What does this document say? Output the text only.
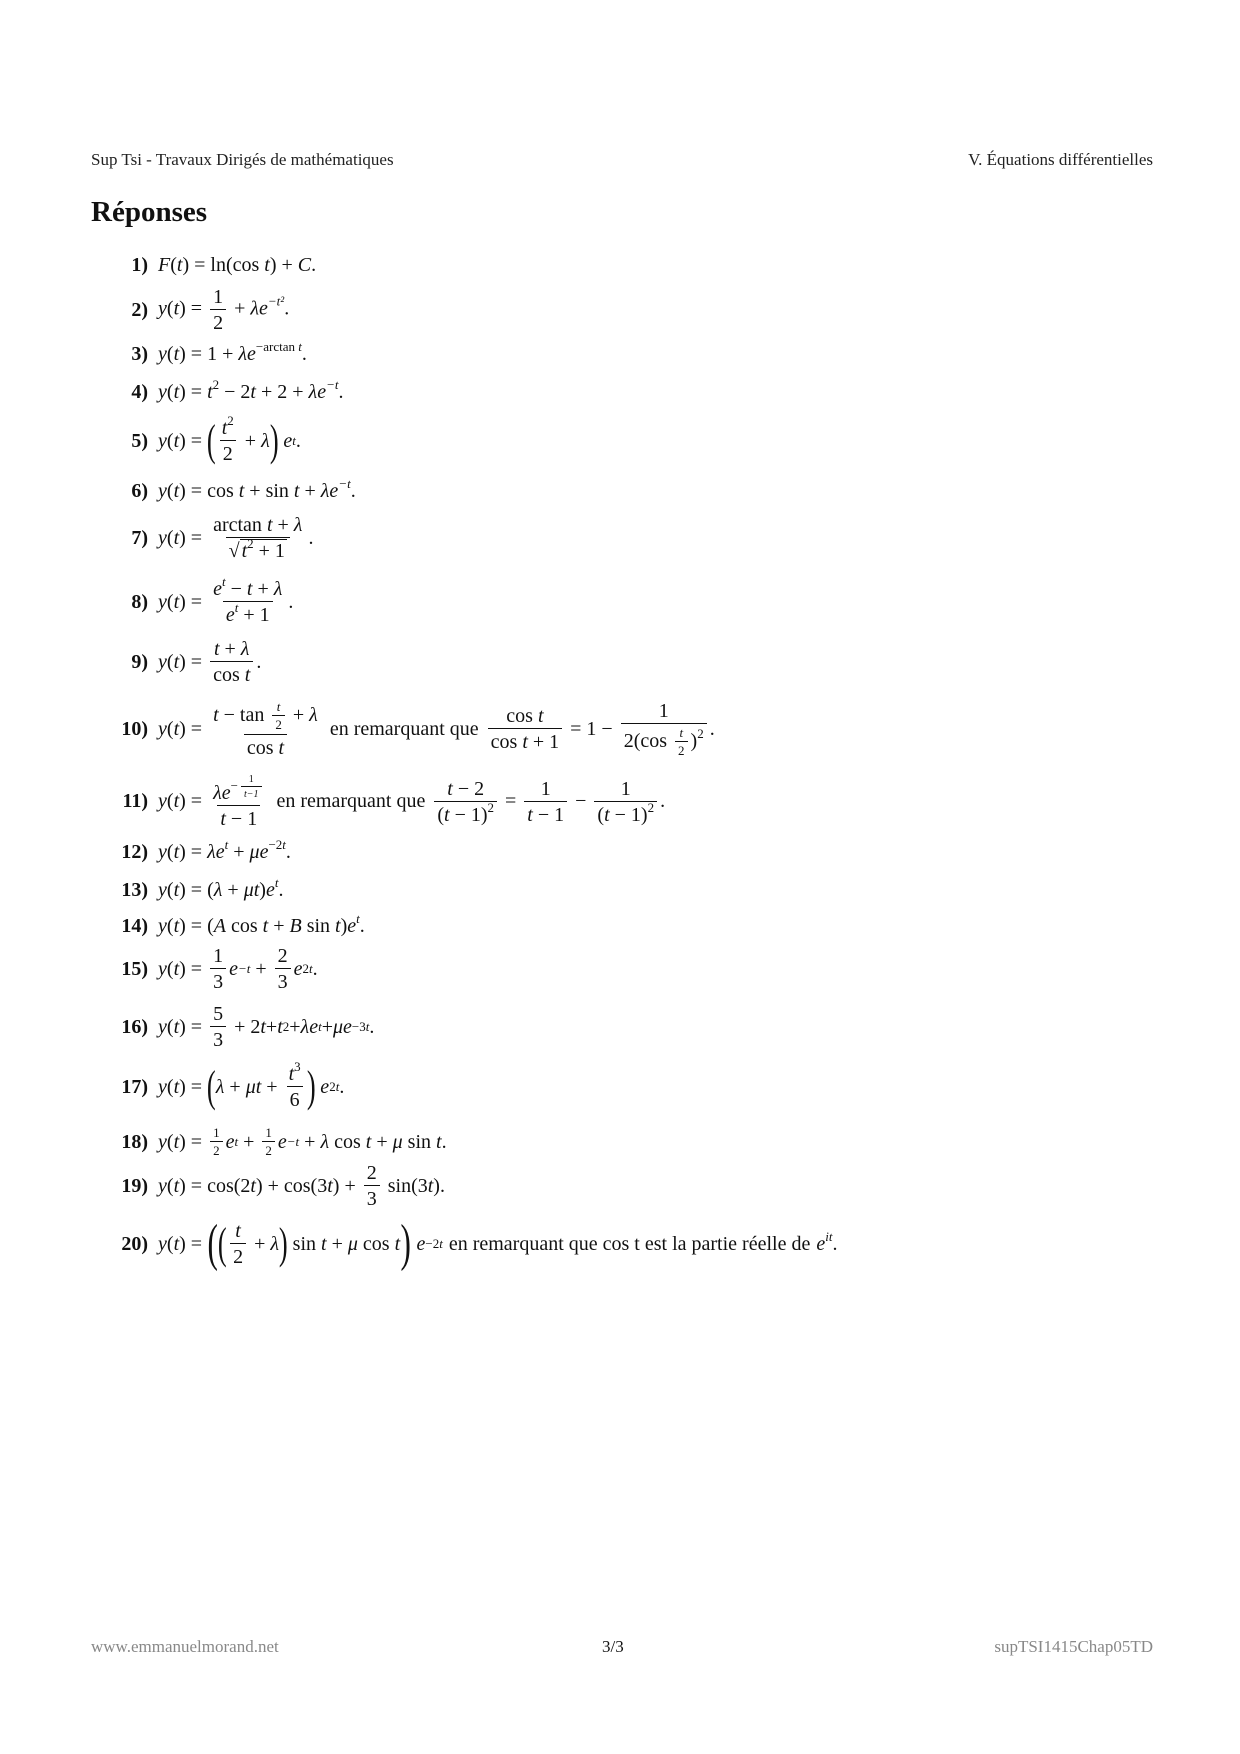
Sup Tsi - Travaux Dirigés de mathématiques	V. Équations différentielles
Réponses
1) F(t) = ln(cos t) + C.
2) $y(t) = \frac{1}{2} + \lambda e^{-t^2}$.
3) $y(t) = 1 + \lambda e^{-arctan t}$.
4) $y(t) = t^2 - 2t + 2 + \lambda e^{-t}$.
5) y ( t ) = ( $\frac{t^2}{2} + \lambda$ )
e t .
6) $y(t) = \cos t + \sin t + \lambda e^{-t}$.
7) y ( t ) = $\frac{\text{arctan t + λ}}{√ t^2 + 1}$ .
8) y ( t ) = $\frac{e^t - t + \lambda}{e^t + 1}$ .
9) y ( t ) = $\frac{t + \lambda}{\text{cos t}}$ .
10) y ( t ) = $\frac{t - \tan \frac{t}{2} + \lambda}{\text{cos t}}$ en remarquant que $\frac{\text{cos t}}{\text{cos t + 1}} = 1 - \frac{1}{2(\cos \frac{t}{2} )^2}$ .
11) y ( t ) = $\lambda e^{- \frac{1}{t-1}}$
t − 1 en remarquant que $\frac{t - 2}{(t - 1)^2} = \frac{1}{t - 1} - \frac{1}{(t - 1)^2}$ .
12) $y(t) = \lambda e^t + \mu e^{-2t}$.
13) $y(t) = (\lambda + \mu t)e^t$.
14) y(t) = (A cos t + B $\sin t)e^t$.
15) y ( t ) = $\frac{1}{3}$ $e -t + \frac{2}{3}$ e 2t .
16) y ( t ) = $\frac{5}{3} + 2$ t + t 2 + λe t + μe −3t .
17) y ( t ) = ( $\lambda + \mu t + \frac{t^3}{6}$ )
e 2t .
18) y ( t ) = $\frac{1}{2}$ e $t + \frac{1}{2}$ e −t + λ cos t + μ sin t .
19) y ( t ) = cos(2 t ) + cos(3 t ) + $\frac{2}{3} \sin(3$ t ).
20) y ( t ) = ( ( $\frac{t}{2} + \lambda$ ) sin t + μ cos t )
e −2t en remarquant que cos t est la partie réelle de $e^{it}$.
www.emmanuelmorand.net	3/3	supTSI1415Chap05TD
